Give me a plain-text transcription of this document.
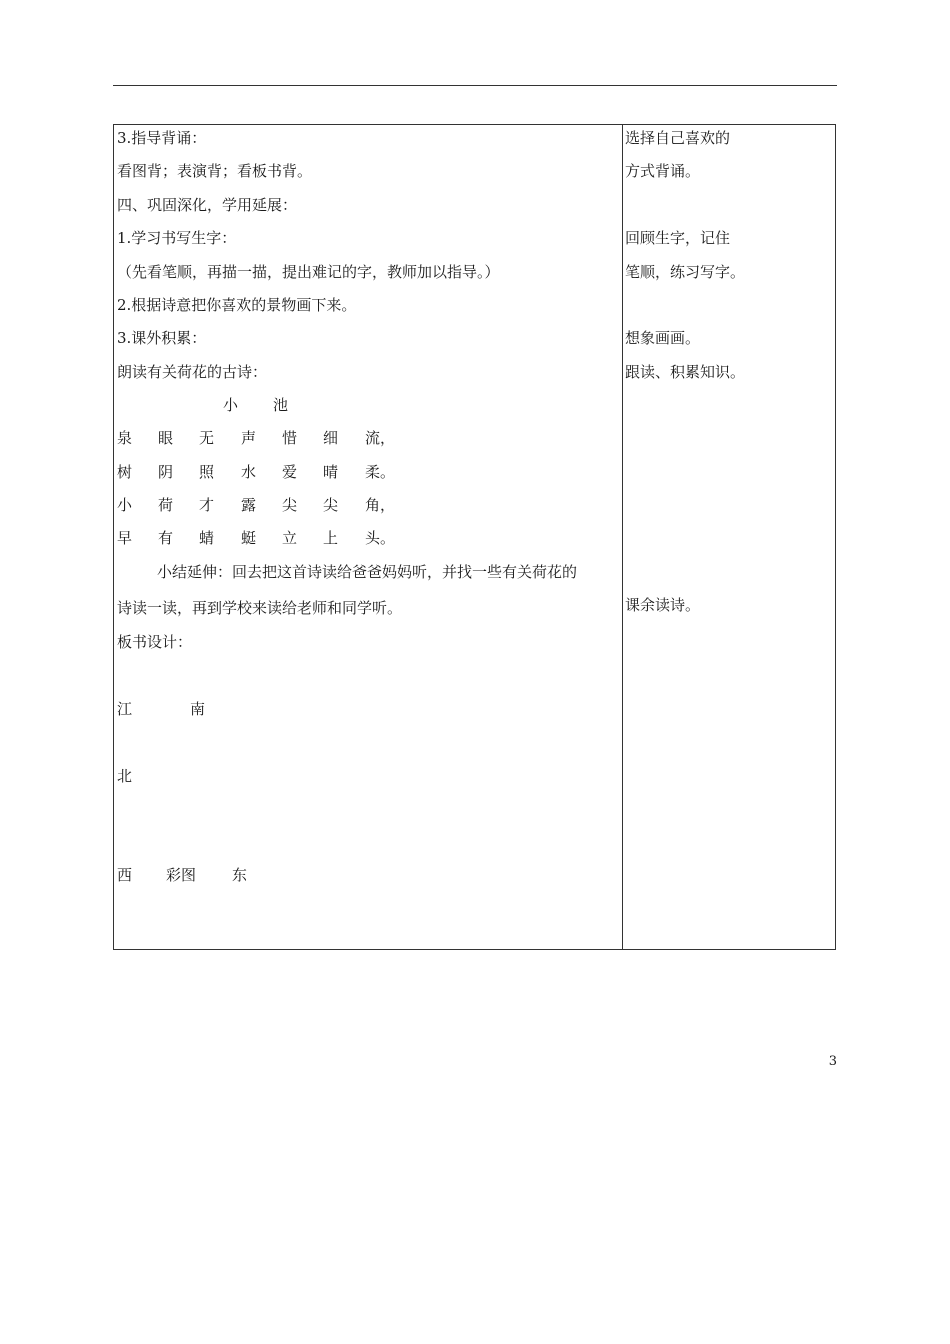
3.指导背诵：
看图背；表演背；看板书背。
四、巩固深化，学用延展：
1.学习书写生字：
（先看笔顺，再描一描，提出难记的字，教师加以指导。）
2.根据诗意把你喜欢的景物画下来。
3.课外积累：
朗读有关荷花的古诗：
小 池
泉 眼 无 声 惜 细 流，
树 阴 照 水 爱 晴 柔。
小 荷 才 露 尖 尖 角，
早 有 蜻 蜓 立 上 头。
小结延伸：回去把这首诗读给爸爸妈妈听，并找一些有关荷花的
诗读一读，再到学校来读给老师和同学听。
板书设计：
江	南
北
西 彩图 东
选择自己喜欢的
方式背诵。
回顾生字，记住
笔顺，练习写字。
想象画画。
跟读、积累知识。
课余读诗。
3
